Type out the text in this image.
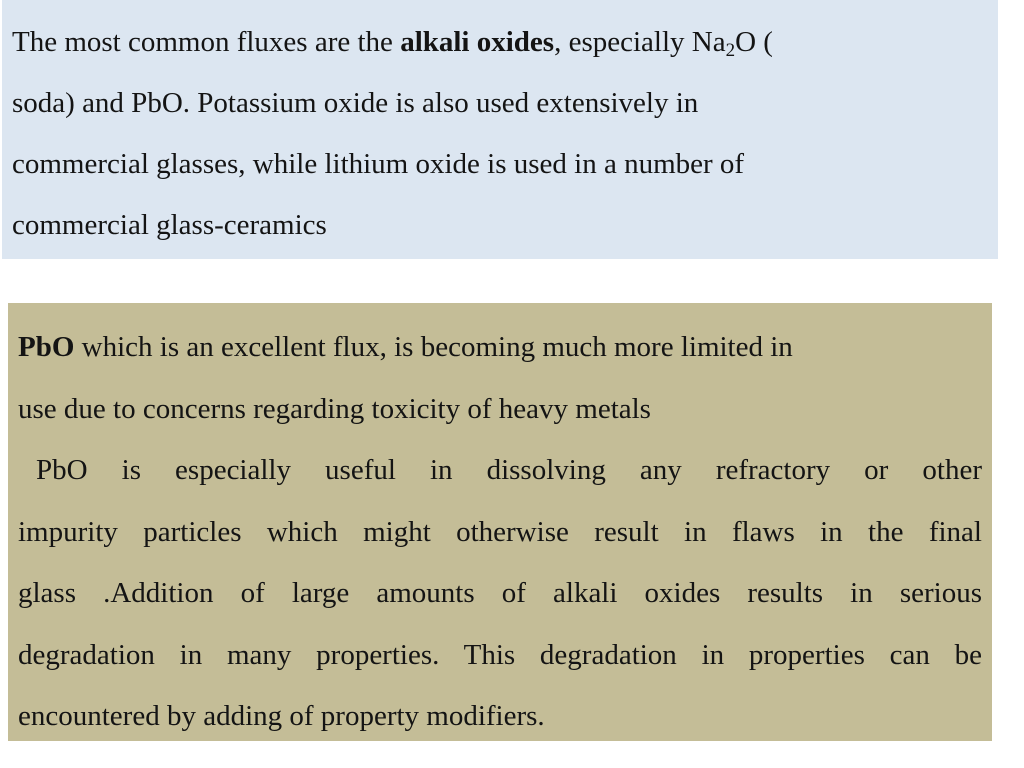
The most common fluxes are the alkali oxides, especially $Na_2O$ (
soda) and PbO. Potassium oxide is also used extensively in
commercial glasses, while lithium oxide is used in a number of
commercial glass-ceramics
PbO which is an excellent flux, is becoming much more limited in
use due to concerns regarding toxicity of heavy metals
PbO is especially useful in dissolving any refractory or other
impurity particles which might otherwise result in flaws in the final
glass .Addition of large amounts of alkali oxides results in serious
degradation in many properties. This degradation in properties can be
encountered by adding of property modifiers.
